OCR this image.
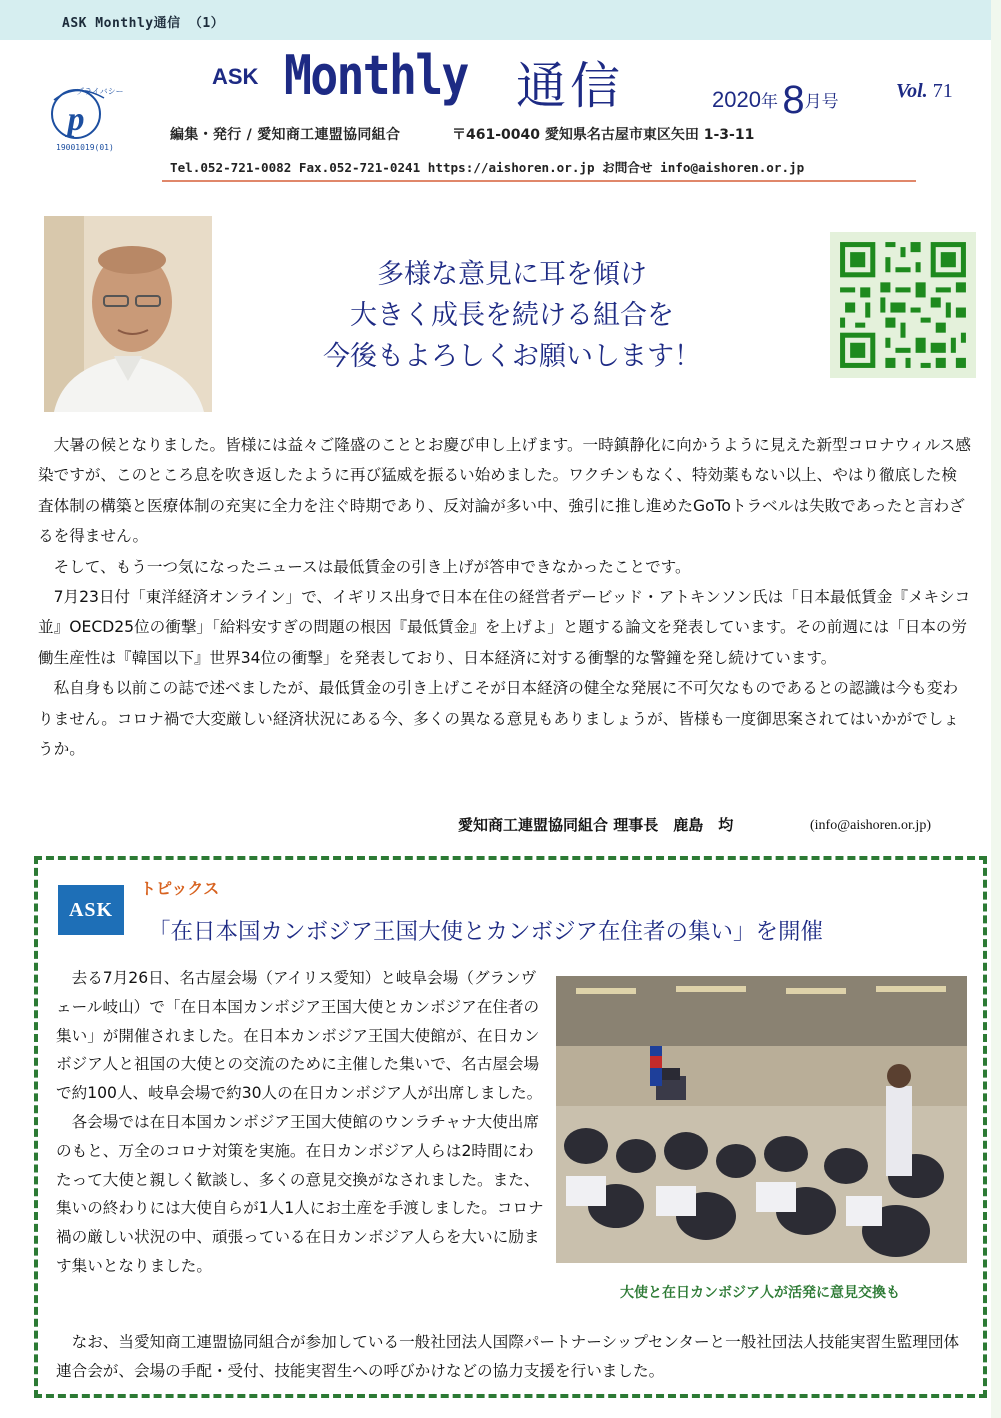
ASK Monthly通信 （1）
p
19001019(01)
プライバシー
ASK Monthly 通信	2020年 8月号	Vol. 71
編集・発行 / 愛知商工連盟協同組合	〒461-0040 愛知県名古屋市東区矢田 1-3-11
Tel.052-721-0082 Fax.052-721-0241 https://aishoren.or.jp お問合せ info@aishoren.or.jp
多様な意見に耳を傾け
大きく成長を続ける組合を
今後もよろしくお願いします！

大暑の候となりました。皆様には益々ご隆盛のこととお慶び申し上げます。一時鎮静化に向かうように見えた新型コロナウィルス感染ですが、このところ息を吹き返したように再び猛威を振るい始めました。ワクチンもなく、特効薬もない以上、やはり徹底した検査体制の構築と医療体制の充実に全力を注ぐ時期であり、反対論が多い中、強引に推し進めたGoToトラベルは失敗であったと言わざるを得ません。

そして、もう一つ気になったニュースは最低賃金の引き上げが答申できなかったことです。

7月23日付「東洋経済オンライン」で、イギリス出身で日本在住の経営者デービッド・アトキンソン氏は「日本最低賃金『メキシコ並』OECD25位の衝撃」「給料安すぎの問題の根因『最低賃金』を上げよ」と題する論文を発表しています。その前週には「日本の労働生産性は『韓国以下』世界34位の衝撃」を発表しており、日本経済に対する衝撃的な警鐘を発し続けています。

私自身も以前この誌で述べましたが、最低賃金の引き上げこそが日本経済の健全な発展に不可欠なものであるとの認識は今も変わりません。コロナ禍で大変厳しい経済状況にある今、多くの異なる意見もありましょうが、皆様も一度御思案されてはいかがでしょうか。

愛知商工連盟協同組合 理事長　鹿島　均	(info@aishoren.or.jp)
ASK
トピックス
「在日本国カンボジア王国大使とカンボジア在住者の集い」を開催

去る7月26日、名古屋会場（アイリス愛知）と岐阜会場（グランヴェール岐山）で「在日本国カンボジア王国大使とカンボジア在住者の集い」が開催されました。在日本カンボジア王国大使館が、在日カンボジア人と祖国の大使との交流のために主催した集いで、名古屋会場で約100人、岐阜会場で約30人の在日カンボジア人が出席しました。

各会場では在日本国カンボジア王国大使館のウンラチャナ大使出席のもと、万全のコロナ対策を実施。在日カンボジア人らは2時間にわたって大使と親しく歓談し、多くの意見交換がなされました。また、集いの終わりには大使自らが1人1人にお土産を手渡しました。コロナ禍の厳しい状況の中、頑張っている在日カンボジア人らを大いに励ます集いとなりました。

大使と在日カンボジア人が活発に意見交換も

なお、当愛知商工連盟協同組合が参加している一般社団法人国際パートナーシップセンターと一般社団法人技能実習生監理団体連合会が、会場の手配・受付、技能実習生への呼びかけなどの協力支援を行いました。
